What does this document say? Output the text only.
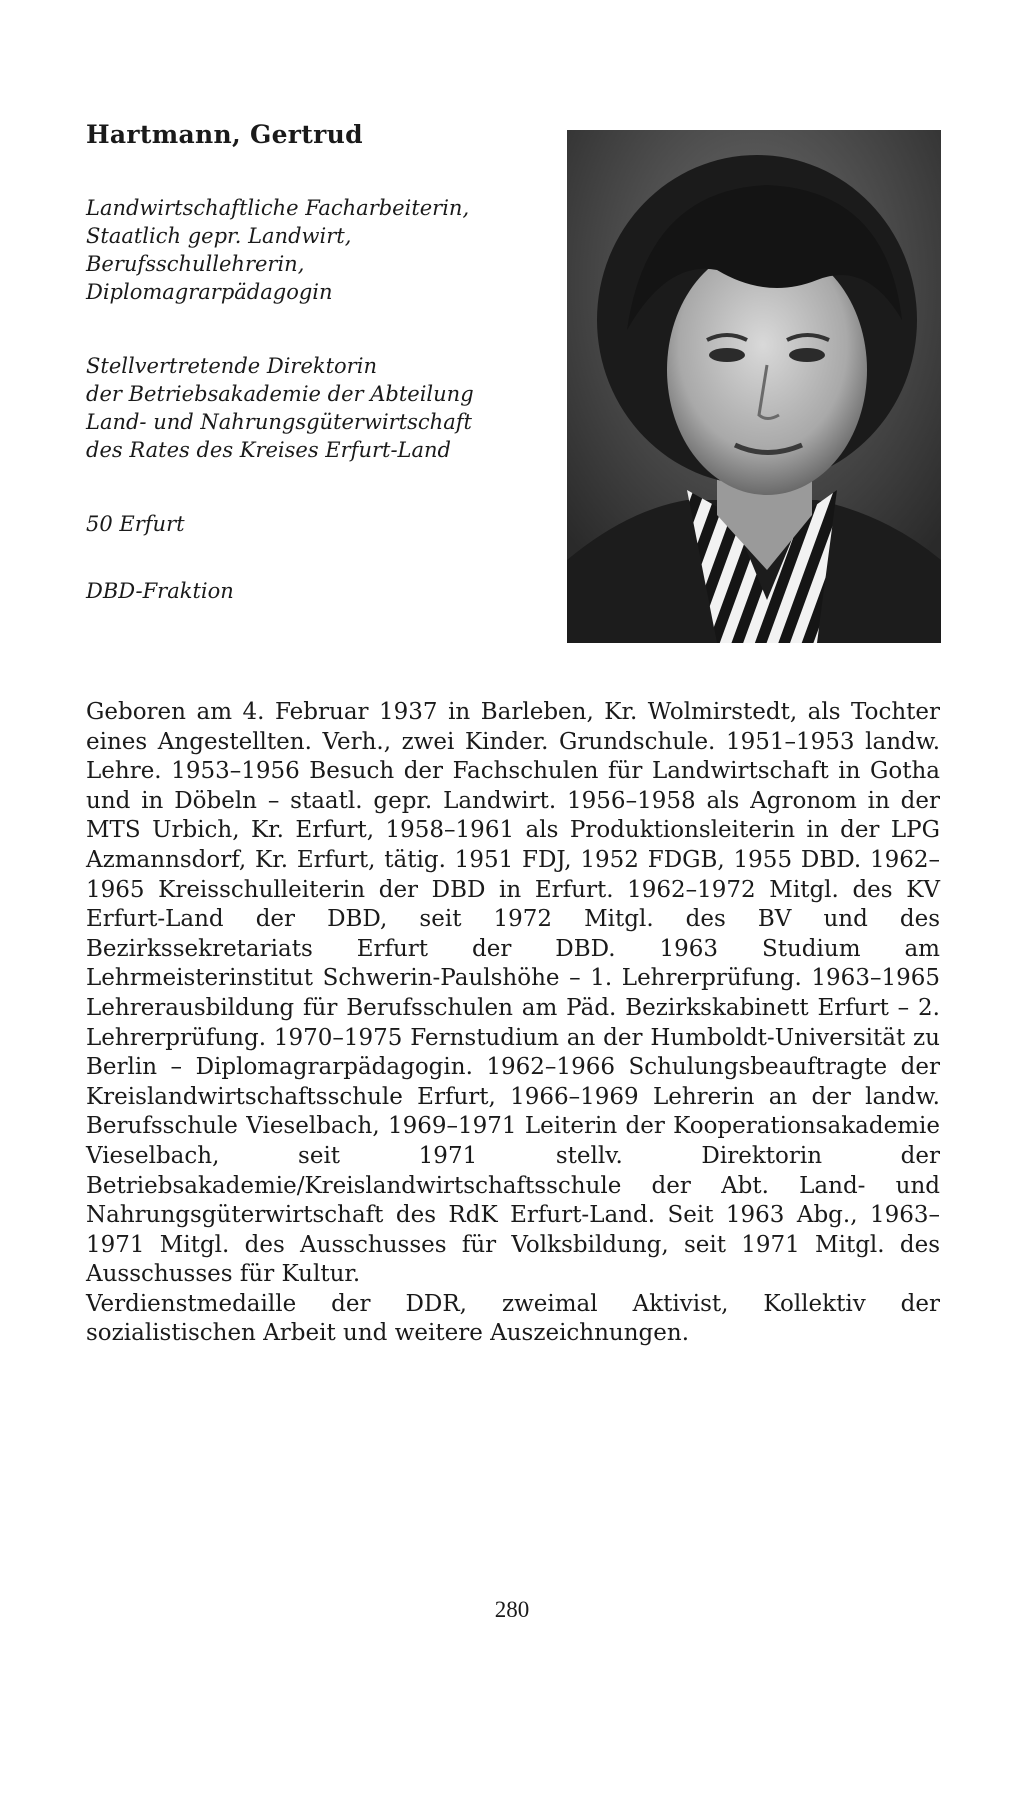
Hartmann, Gertrud

Landwirtschaftliche Facharbeiterin,
Staatlich gepr. Landwirt,
Berufsschullehrerin,
Diplomagrarpädagogin

Stellvertretende Direktorin
der Betriebsakademie der Abteilung
Land- und Nahrungsgüterwirtschaft
des Rates des Kreises Erfurt-Land

50 Erfurt

DBD-Fraktion

Geboren am 4. Februar 1937 in Barleben, Kr. Wolmirstedt, als Tochter eines Angestellten. Verh., zwei Kinder. Grundschule. 1951–1953 landw. Lehre. 1953–1956 Besuch der Fachschulen für Landwirtschaft in Gotha und in Döbeln – staatl. gepr. Landwirt. 1956–1958 als Agronom in der MTS Urbich, Kr. Erfurt, 1958–1961 als Produktionsleiterin in der LPG Azmannsdorf, Kr. Erfurt, tätig. 1951 FDJ, 1952 FDGB, 1955 DBD. 1962–1965 Kreisschulleiterin der DBD in Erfurt. 1962–1972 Mitgl. des KV Erfurt-Land der DBD, seit 1972 Mitgl. des BV und des Bezirkssekretariats Erfurt der DBD. 1963 Studium am Lehrmeisterinstitut Schwerin-Paulshöhe – 1. Lehrerprüfung. 1963–1965 Lehrerausbildung für Berufsschulen am Päd. Bezirkskabinett Erfurt – 2. Lehrerprüfung. 1970–1975 Fernstudium an der Humboldt-Universität zu Berlin – Diplomagrarpädagogin. 1962–1966 Schulungsbeauftragte der Kreislandwirtschaftsschule Erfurt, 1966–1969 Lehrerin an der landw. Berufsschule Vieselbach, 1969–1971 Leiterin der Kooperationsakademie Vieselbach, seit 1971 stellv. Direktorin der Betriebsakademie/Kreislandwirtschaftsschule der Abt. Land- und Nahrungsgüterwirtschaft des RdK Erfurt-Land. Seit 1963 Abg., 1963–1971 Mitgl. des Ausschusses für Volksbildung, seit 1971 Mitgl. des Ausschusses für Kultur.
Verdienstmedaille der DDR, zweimal Aktivist, Kollektiv der sozialistischen Arbeit und weitere Auszeichnungen.

280
